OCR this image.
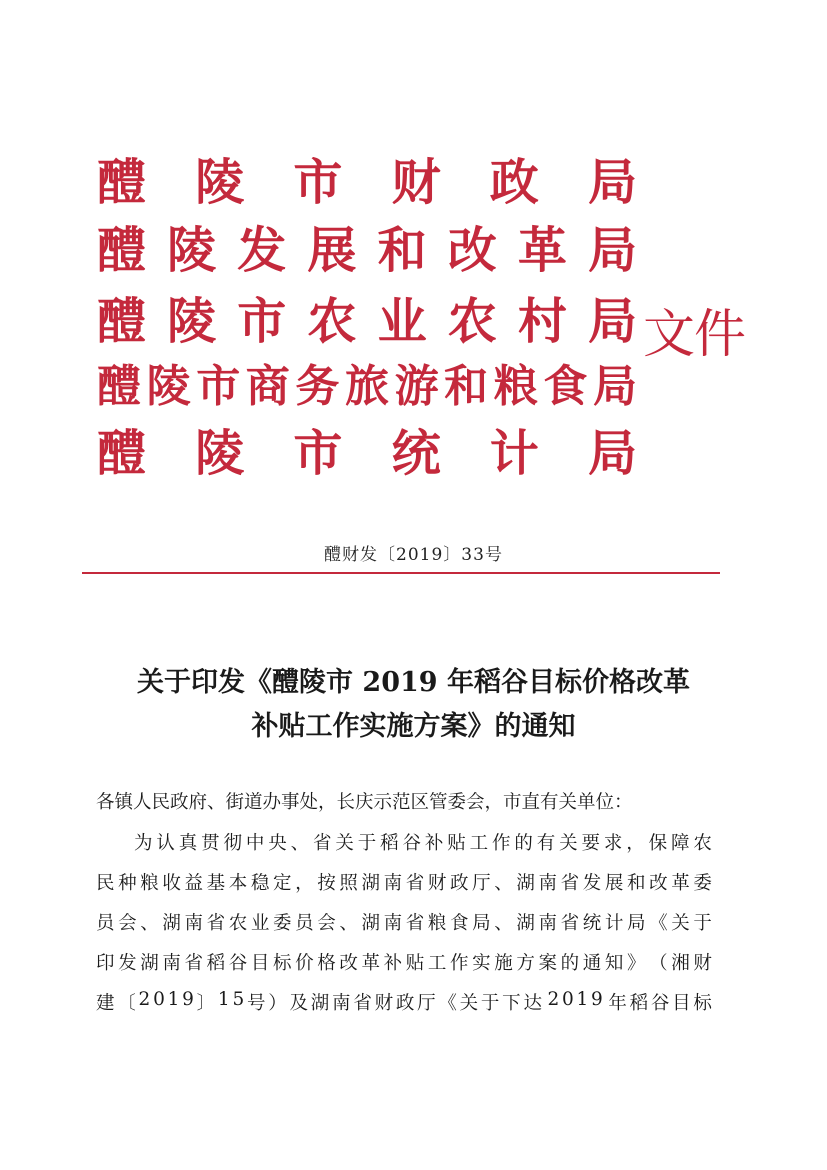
醴 陵 市 财 政 局
醴 陵 发 展 和 改 革 局
醴 陵 市 农 业 农 村 局
醴 陵 市 商 务 旅 游 和 粮 食 局
醴 陵 市 统 计 局
文件
醴财发〔2019〕33号
关于印发《醴陵市 2019 年稻谷目标价格改革
补贴工作实施方案》的通知
各镇人民政府、街道办事处，长庆示范区管委会，市直有关单位：
为 认 真 贯 彻 中 央 、 省 关 于 稻 谷 补 贴 工 作 的 有 关 要 求 ， 保 障 农
民 种 粮 收 益 基 本 稳 定 ， 按 照 湖 南 省 财 政 厅 、 湖 南 省 发 展 和 改 革 委
员 会 、 湖 南 省 农 业 委 员 会 、 湖 南 省 粮 食 局 、 湖 南 省 统 计 局 《 关 于
印 发 湖 南 省 稻 谷 目 标 价 格 改 革 补 贴 工 作 实 施 方 案 的 通 知 》 （ 湘 财
建 〔 2 0 1 9 〕 1 5 号 ） 及 湖 南 省 财 政 厅 《 关 于 下 达 2 0 1 9 年 稻 谷 目 标
